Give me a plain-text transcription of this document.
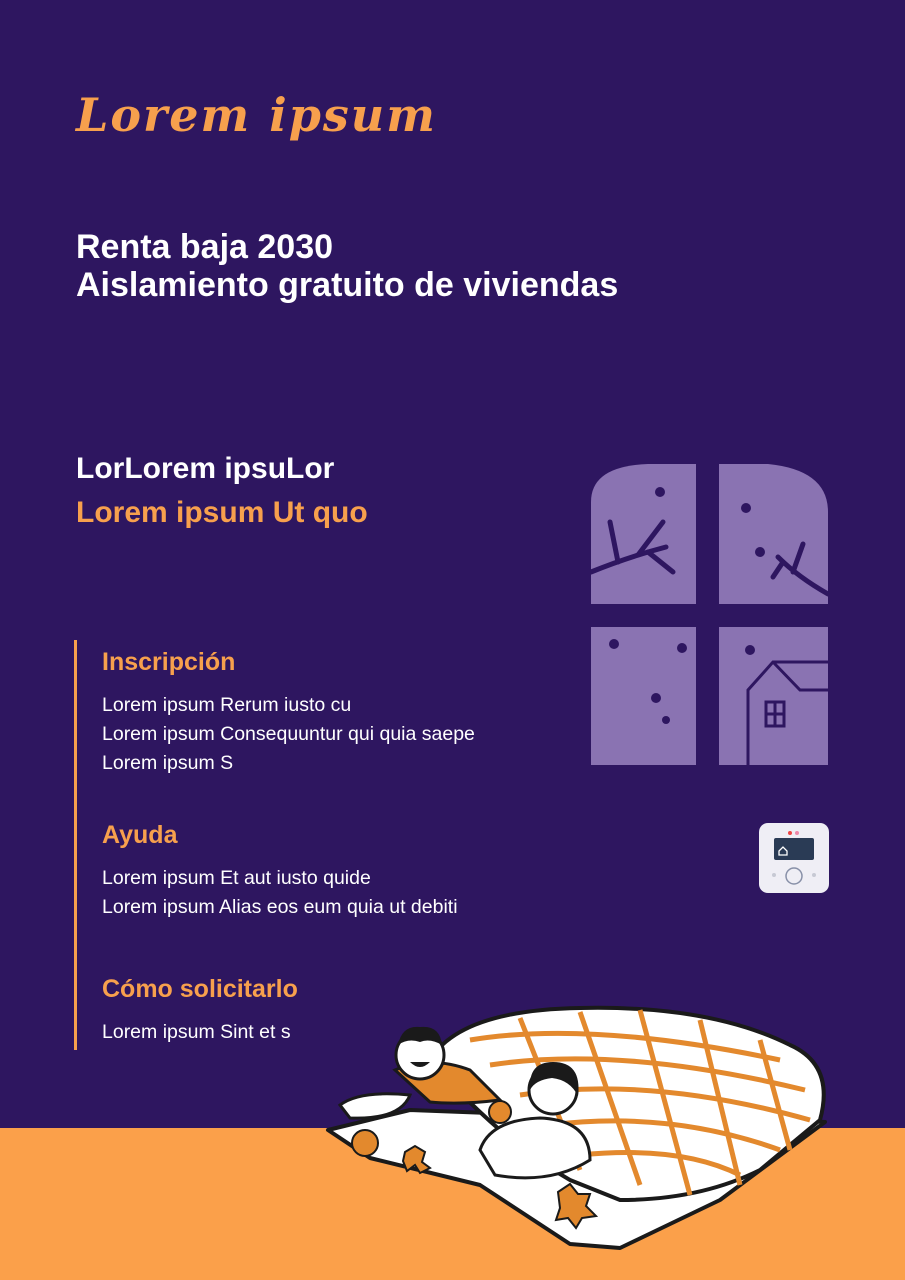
Lorem ipsum
Renta baja 2030
Aislamiento gratuito de viviendas
LorLorem ipsuLor
Lorem ipsum Ut quo
Inscripción

Lorem ipsum Rerum iusto cu

Lorem ipsum Consequuntur qui quia saepe

Lorem ipsum S

Ayuda

Lorem ipsum Et aut iusto quide

Lorem ipsum Alias eos eum quia ut debiti

Cómo solicitarlo

Lorem ipsum Sint et s
